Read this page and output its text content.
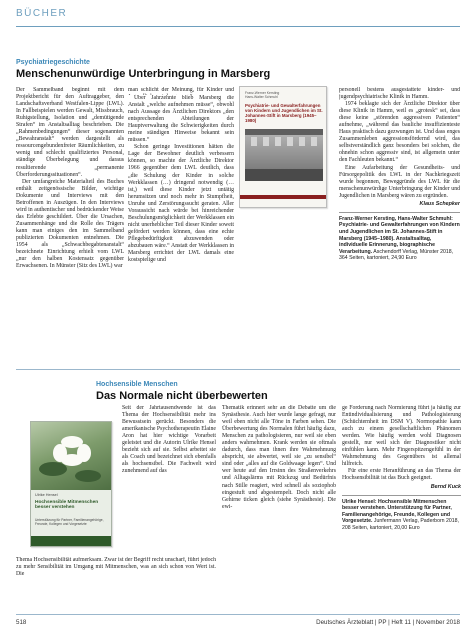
BÜCHER
Psychiatriegeschichte
Menschenunwürdige Unterbringung in Marsberg

Der Sammelband beginnt mit dem Projektbericht für den Auftraggeber, den Landschaftsverband Westfalen-Lippe (LWL). In Fallbeispielen werden Gewalt, Missbrauch, Ruhigstellung, Isolation und „demütigende Strafen“ im Anstaltsalltag beschrieben. Die „Rahmenbedingungen“ dieser sogenannten „Bewahranstalt“ werden dargestellt als ressourcengebundenfreier Räumlichkeiten, zu wenig und schlecht qualifiziertes Personal, ständige Überbelegung und daraus resultierende „permanente Überforderungssituationen“.

Der umfangreiche Materialteil des Buches enthält zeitgenössische Bilder, wichtige Dokumente und Interviews mit den Betroffenen in Auszügen. In den Interviews wird in authentischer und bedrückender Weise das Erlebte geschildert. Über die Ursachen, Zusammenhänge und die Rolle des Trägers kann man einiges den im Sammelband publizierten Dokumenten entnehmen. Die 1954 als „Schwachbegabtenanstalt“ bezeichnete Einrichtung erhielt vom LWL „nur den halben Kostensatz gegenüber Erwachsenen. In Münster (Sitz des LWL) war

man schlicht der Meinung, für Kinder und

Über Jahrzehnte blieb Marsberg die Anstalt „welche aufnehmen müsse“, obwohl nach Aussage des Ärztlichen Direktors „den entsprechenden Abteilungen der Hauptverwaltung die Schwierigkeiten durch meine ständigen Hinweise bekannt sein müssen.“

Schon geringe Investitionen hätten die Lage der Bewohner deutlich verbessern können, so machte der Ärztliche Direktor 1966 gegenüber dem LWL deutlich, dass „die Schulung der Kinder in solche Werkklassen (…) dringend notwendig (… ist,) weil diese Kinder jetzt untätig herumsitzen und noch mehr in Stumpfheit, Unruhe und Zerstörungssucht geraten. Aller Voraussicht nach würde bei hinreichender Beschulungsmöglichkeit der Werkklassen ein nicht unerheblicher Teil dieser Kinder soweit gefördert werden können, dass eine echte Pflegebedürftigkeit abzuwenden oder abzubauen wäre.“ Anstatt der Werkklassen in Marsberg errichtet der LWL damals eine kostspielige und

Franz-Werner Kersting
Hans-Walter Schmuhl
Psychiatrie- und Gewalterfahrungen von Kindern und Jugendlichen im St. Johannes-Stift in Marsberg (1945–1980)

personell bestens ausgestattete kinder- und jugendpsychiatrische Klinik in Hamm.

1974 beklagte sich der Ärztliche Direktor über diese Klinik in Hamm, weil es „grotesk“ sei, dass diese keine „störenden aggressiven Patienten“ aufnehme, „während das bauliche insuffizienteste Haus praktisch dazu gezwungen ist. Und dass enges Zusammenleben aggressionsfördernd wird, das selbstverständlich ganz besonders bei solchen, die ohnehin schon aggressiv sind, ist allgemein unter den Fachleuten bekannt.“

Eine Aufarbeitung der Gesundheits- und Fürsorgepolitik des LWL in der Nachkriegszeit wurde begonnen, Beweggründe des LWL für die menschenunwürdige Unterbringung der Kinder und Jugendlichen in Marsberg wären zu ergründen.

Klaus Schepker
Franz-Werner Kersting, Hans-Walter Schmuhl: Psychiatrie- und Gewalterfahrungen von Kindern und Jugendlichen im St. Johannes-Stift in Marsberg (1945–1980). Anstaltsalltag, individuelle Erinnerung, biographische Verarbeitung. Aschendorff Verlag, Münster 2018, 364 Seiten, kartoniert, 24,90 Euro
Hochsensible Menschen
Das Normale nicht überbewerten
Ulrike Hensel
Hochsensible Mitmenschen besser verstehen
Unterstützung für Partner, Familienangehörige, Freunde, Kollegen und Vorgesetzte

Seit der Jahrtausendwende ist das Thema der Hochsensibilität mehr ins Bewusstsein gerückt. Besonders die amerikanische Psychotherapeutin Elaine Aron hat hier wichtige Vorarbeit geleistet und die Autorin Ulrike Hensel bezieht sich auf sie. Selbst arbeitet sie als Coach und bezeichnet sich ebenfalls als hochsensibel. Die Fachwelt wird zunehmend auf das

Thema Hochsensibilität aufmerksam. Zwar ist der Begriff recht unscharf, führt jedoch zu mehr Sensibilität im Umgang mit Mitmenschen, was an sich schon von Wert ist. Die

Thematik erinnert sehr an die Debatte um die Synästhesie. Auch hier wurde lange gefragt, nur weil eben nicht alle Töne in Farben sehen. Die Überbewertung des Normalen führt häufig dazu, Menschen zu pathologisieren, nur weil sie eben anders wahrnehmen. Krank werden sie oftmals dadurch, dass man ihnen ihre Wahrnehmung abspricht, sie abwertet, weil sie „zu sensibel“ sind oder „alles auf die Goldwaage legen“. Und wer heute auf den Irrsinn des Straßenverkehrs und Alltagslärms mit Rückzug und Bedürfnis nach Stille reagiert, wird schnell als soziophob eingestuft und abgestempelt. Doch nicht alle Gehirne ticken gleich (siehe Synästhesie). Die ewi-

ge Forderung nach Normierung führt ja häufig zur Entindividualisierung und Pathologisierung (Schüchternheit im DSM V). Normopathie kann auch zu einem gesellschaftlichen Phänomen werden. Wie häufig werden wohl Diagnosen gestellt, nur weil sich der Diagnostiker nicht einfühlen kann. Mehr Fingerspitzengefühl in der Wahrnehmung des Gegenübers ist allemal hilfreich.

Für eine erste Heranführung an das Thema der Hochsensibilität ist das Buch geeignet.

Bernd Kuck
Ulrike Hensel: Hochsensible Mitmenschen besser verstehen. Unterstützung für Partner, Familienangehörige, Freunde, Kollegen und Vorgesetzte. Junfermann Verlag, Paderborn 2018, 208 Seiten, kartoniert, 20,00 Euro
518	Deutsches Ärzteblatt | PP | Heft 11 | November 2018
